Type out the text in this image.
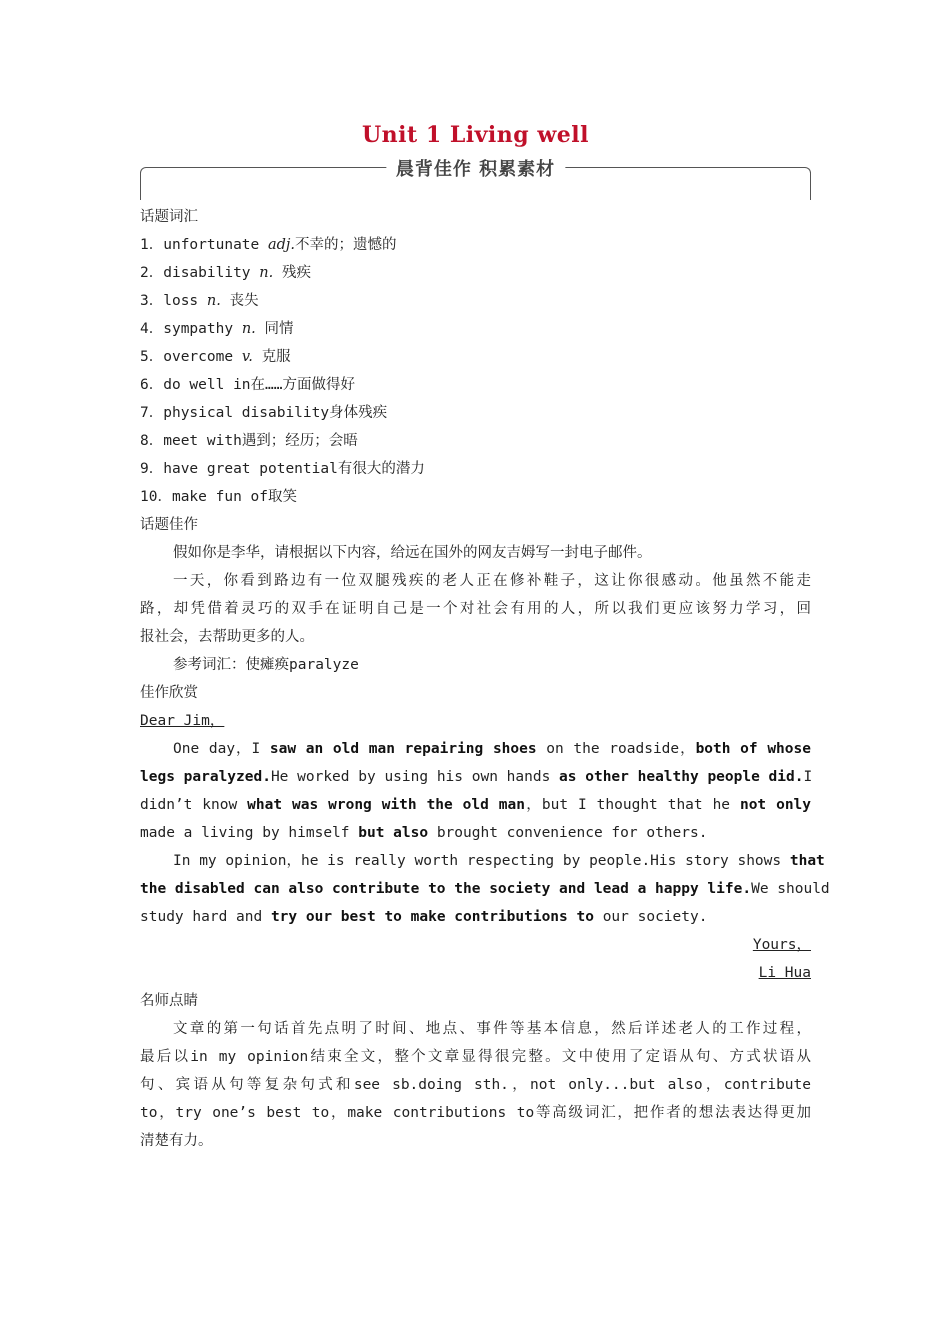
Unit 1 Living well
晨背佳作 积累素材
话题词汇
1．unfortunate adj.不幸的；遗憾的
2．disability n. 残疾
3．loss n. 丧失
4．sympathy n. 同情
5．overcome v. 克服
6．do well in在……方面做得好
7．physical disability身体残疾
8．meet with遇到；经历；会晤
9．have great potential有很大的潜力
10．make fun of取笑
话题佳作
假如你是李华，请根据以下内容，给远在国外的网友吉姆写一封电子邮件。
一天，你看到路边有一位双腿残疾的老人正在修补鞋子，这让你很感动。他虽然不能走
路，却凭借着灵巧的双手在证明自己是一个对社会有用的人，所以我们更应该努力学习，回
报社会，去帮助更多的人。
参考词汇：使瘫痪paralyze
佳作欣赏
Dear Jim，
One day，I saw an old man repairing shoes on the roadside，both of whose
legs paralyzed.He worked by using his own hands as other healthy people did.I
didn’t know what was wrong with the old man，but I thought that he not only
made a living by himself but also brought convenience for others.
In my opinion，he is really worth respecting by people.His story shows that
the disabled can also contribute to the society and lead a happy life.We should
study hard and try our best to make contributions to our society.
Yours，
Li Hua
名师点睛
文章的第一句话首先点明了时间、地点、事件等基本信息，然后详述老人的工作过程，
最后以in my opinion结束全文，整个文章显得很完整。文中使用了定语从句、方式状语从
句、宾语从句等复杂句式和see sb.doing sth.，not only...but also，contribute
to，try one’s best to，make contributions to等高级词汇，把作者的想法表达得更加
清楚有力。
